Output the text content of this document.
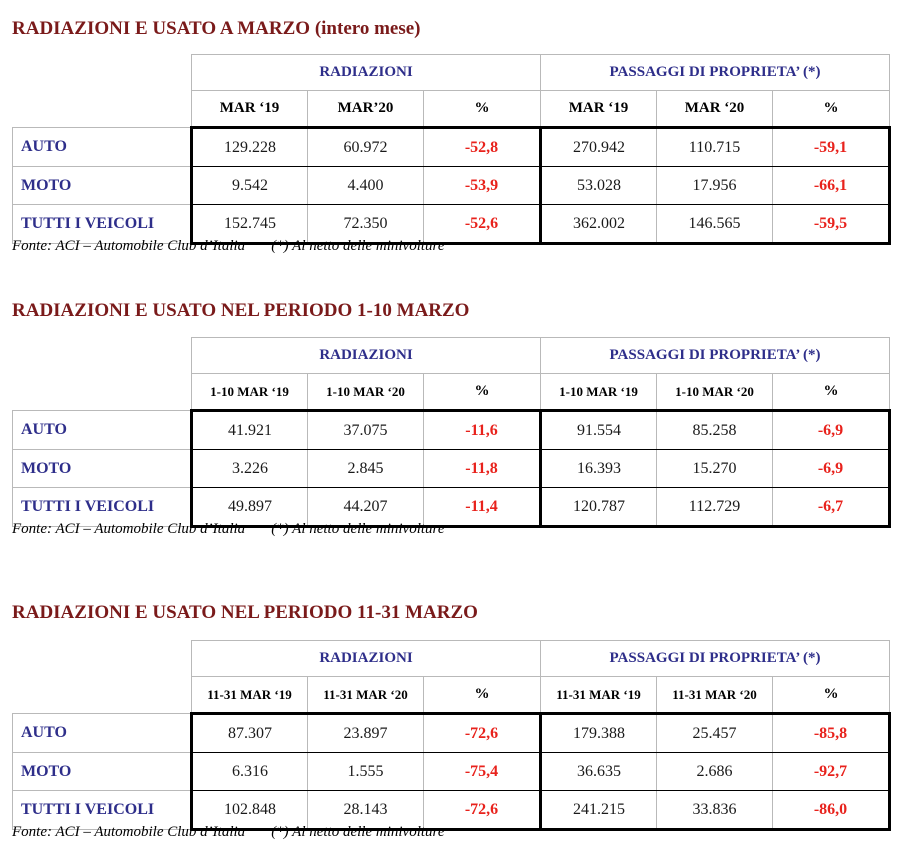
RADIAZIONI E USATO A MARZO (intero mese)
	RADIAZIONI			PASSAGGI DI PROPRIETA’ (*)		
	MAR ‘19	MAR’20	%	MAR ‘19	MAR ‘20	%
AUTO	129.228	60.972	-52,8	270.942	110.715	-59,1
MOTO	9.542	4.400	-53,9	53.028	17.956	-66,1
TUTTI I VEICOLI	152.745	72.350	-52,6	362.002	146.565	-59,5
Fonte: ACI – Automobile Club d’Italia (*) Al netto delle minivolture
RADIAZIONI E USATO NEL PERIODO 1-10 MARZO
	RADIAZIONI			PASSAGGI DI PROPRIETA’ (*)		
	1-10 MAR ‘19	1-10 MAR ‘20	%	1-10 MAR ‘19	1-10 MAR ‘20	%
AUTO	41.921	37.075	-11,6	91.554	85.258	-6,9
MOTO	3.226	2.845	-11,8	16.393	15.270	-6,9
TUTTI I VEICOLI	49.897	44.207	-11,4	120.787	112.729	-6,7
Fonte: ACI – Automobile Club d’Italia (*) Al netto delle minivolture
RADIAZIONI E USATO NEL PERIODO 11-31 MARZO
	RADIAZIONI			PASSAGGI DI PROPRIETA’ (*)		
	11-31 MAR ‘19	11-31 MAR ‘20	%	11-31 MAR ‘19	11-31 MAR ‘20	%
AUTO	87.307	23.897	-72,6	179.388	25.457	-85,8
MOTO	6.316	1.555	-75,4	36.635	2.686	-92,7
TUTTI I VEICOLI	102.848	28.143	-72,6	241.215	33.836	-86,0
Fonte: ACI – Automobile Club d’Italia (*) Al netto delle minivolture
